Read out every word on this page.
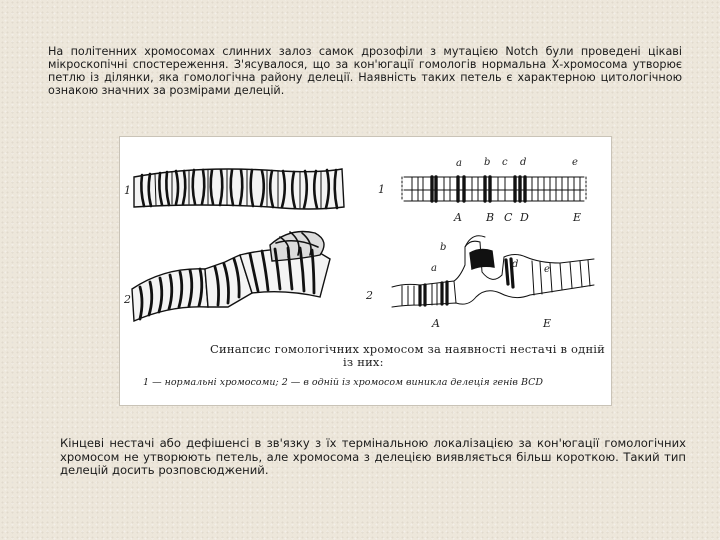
На політенних хромосомах слинних залоз самок дрозофіли з мутацією Notch були проведені цікаві мікроскопічні спостереження. З'ясувалося, що за кон'югації гомологів нормальна Х-хромосома утворює петлю із ділянки, яка гомологічна району делеції. Наявність таких петель є характерною цитологічною ознакою значних за розмірами делецій.

1
2
1
2
a b c d	e
A B C D	E
a
b
d	e
A	E
Синапсис гомологічних хромосом за наявності нестачі в одній
із них:
1 — нормальні хромосоми; 2 — в одній із хромосом виникла делеція генів BCD

Кінцеві нестачі або дефішенсі в зв'язку з їх термінальною локалізацією за кон'югації гомологічних хромосом не утворюють петель, але хромосома з делецією виявляється більш короткою. Такий тип делецій досить розповсюджений.
